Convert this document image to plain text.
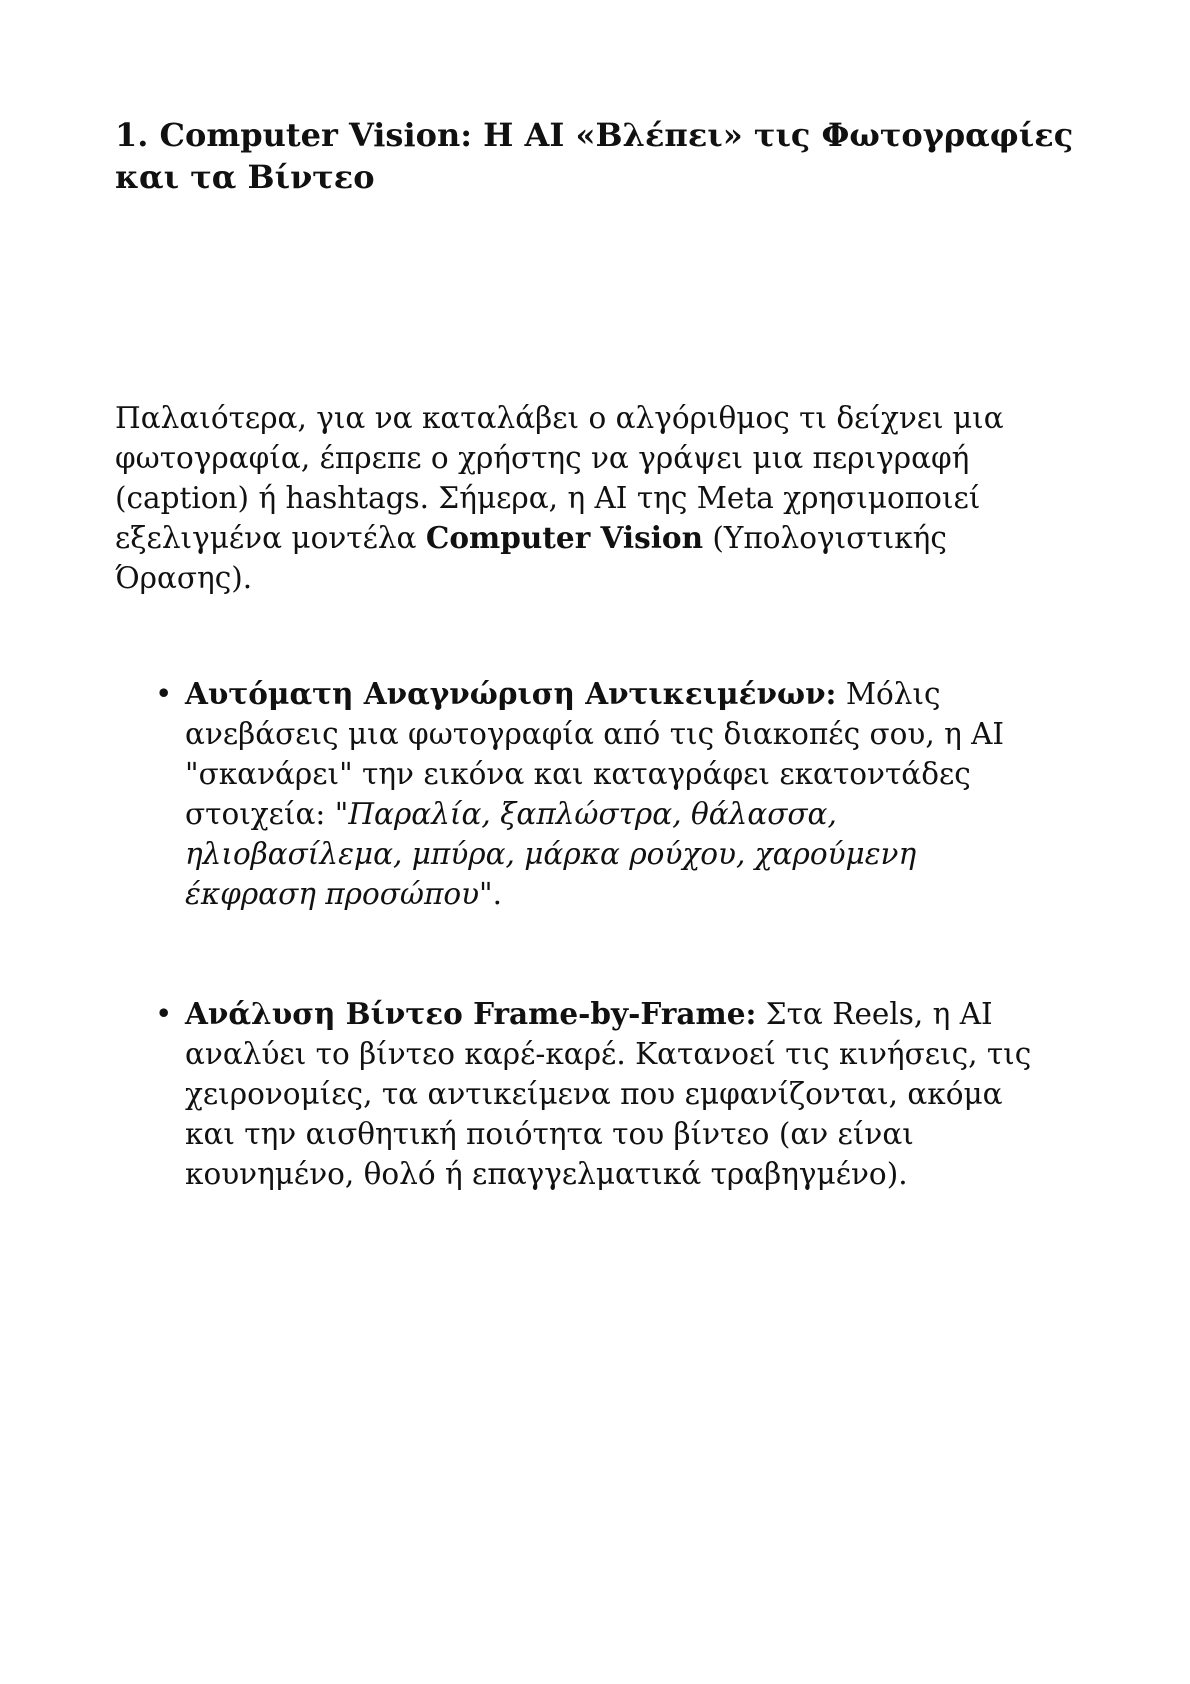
1. Computer Vision: H AI «Βλέπει» τις Φωτογραφίες
και τα Βίντεο

Παλαιότερα, για να καταλάβει ο αλγόριθμος τι δείχνει μια
φωτογραφία, έπρεπε ο χρήστης να γράψει μια περιγραφή
(caption) ή hashtags. Σήμερα, η AI της Meta χρησιμοποιεί
εξελιγμένα μοντέλα Computer Vision (Υπολογιστικής
Όρασης).

• Αυτόματη Αναγνώριση Αντικειμένων: Μόλις
ανεβάσεις μια φωτογραφία από τις διακοπές σου, η AI
"σκανάρει" την εικόνα και καταγράφει εκατοντάδες
στοιχεία: "Παραλία, ξαπλώστρα, θάλασσα,
ηλιοβασίλεμα, μπύρα, μάρκα ρούχου, χαρούμενη
έκφραση προσώπου".
• Ανάλυση Βίντεο Frame-by-Frame: Στα Reels, η AI
αναλύει το βίντεο καρέ-καρέ. Κατανοεί τις κινήσεις, τις
χειρονομίες, τα αντικείμενα που εμφανίζονται, ακόμα
και την αισθητική ποιότητα του βίντεο (αν είναι
κουνημένο, θολό ή επαγγελματικά τραβηγμένο).
